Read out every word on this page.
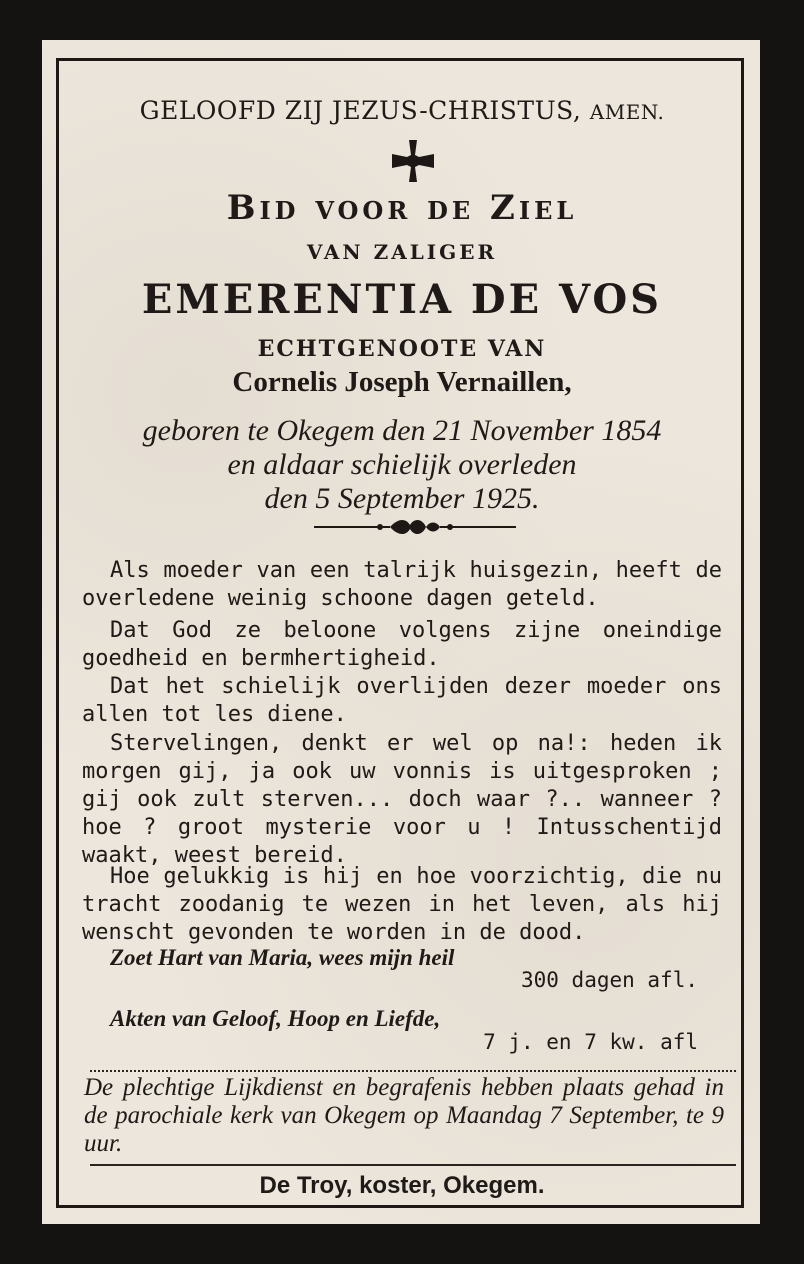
GELOOFD ZIJ JEZUS-CHRISTUS, AMEN.
Bid voor de Ziel
VAN ZALIGER
EMERENTIA DE VOS
ECHTGENOOTE VAN
Cornelis Joseph Vernaillen,
geboren te Okegem den 21 November 1854
en aldaar schielijk overleden
den 5 September 1925.
Als moeder van een talrijk huisgezin, heeft de overledene weinig schoone dagen geteld.
Dat God ze beloone volgens zijne oneindige goedheid en bermhertigheid.
Dat het schielijk overlijden dezer moeder ons allen tot les diene.
Stervelingen, denkt er wel op na!: heden ik morgen gij, ja ook uw vonnis is uitgesproken ; gij ook zult sterven... doch waar ?.. wanneer ? hoe ? groot mysterie voor u ! Intusschentijd waakt, weest bereid.
Hoe gelukkig is hij en hoe voorzichtig, die nu tracht zoodanig te wezen in het leven, als hij wenscht gevonden te worden in de dood.
Zoet Hart van Maria, wees mijn heil
300 dagen afl.
Akten van Geloof, Hoop en Liefde,
7 j. en 7 kw. afl
De plechtige Lijkdienst en begrafenis hebben plaats gehad in de parochiale kerk van Okegem op Maandag 7 September, te 9 uur.
De Troy, koster, Okegem.
